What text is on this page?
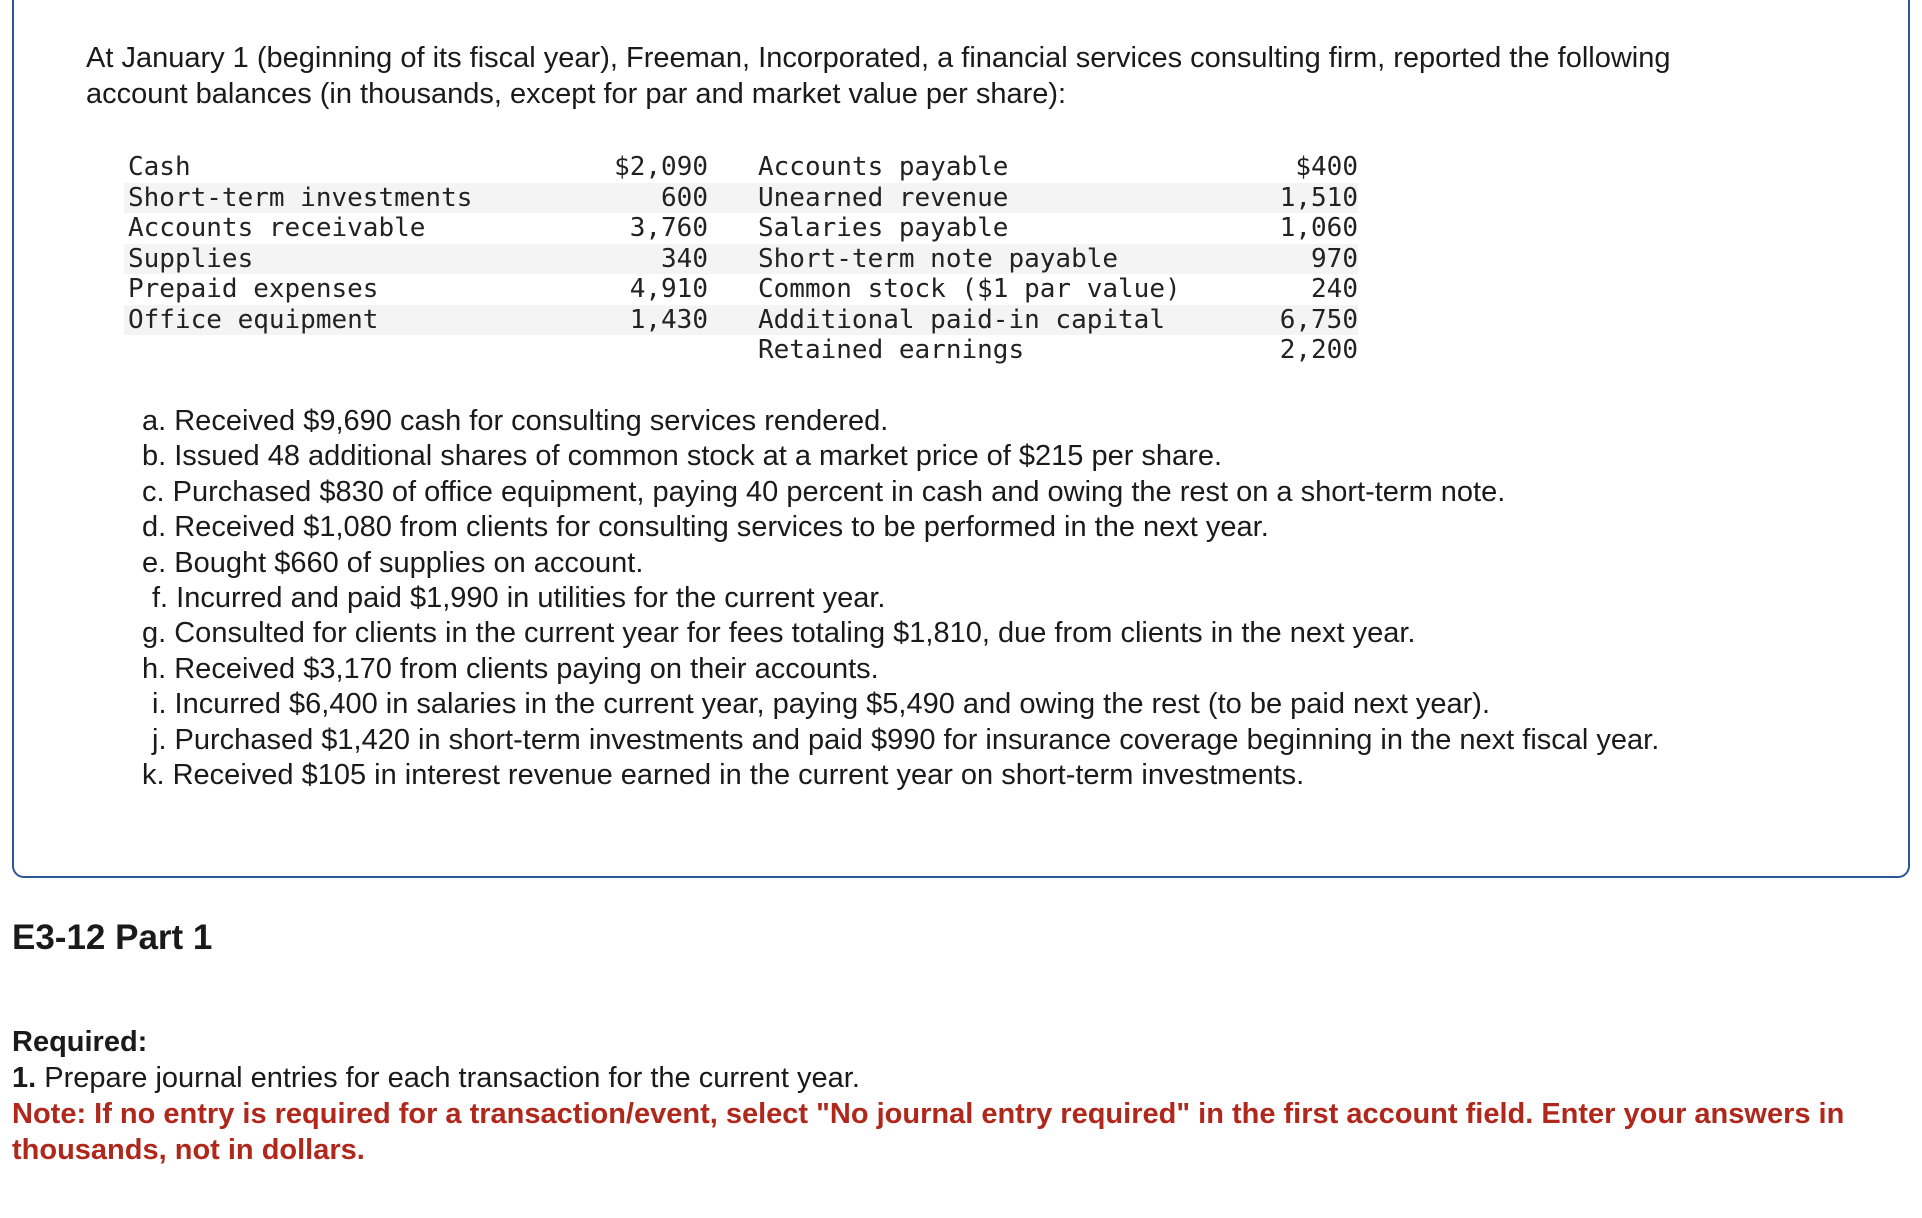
At January 1 (beginning of its fiscal year), Freeman, Incorporated, a financial services consulting firm, reported the following account balances (in thousands, except for par and market value per share):

Cash	$2,090		Accounts payable	$400	
Short-term investments	600		Unearned revenue	1,510	
Accounts receivable	3,760		Salaries payable	1,060	
Supplies	340		Short-term note payable	970	
Prepaid expenses	4,910		Common stock ($1 par value)	240	
Office equipment	1,430		Additional paid-in capital	6,750	
			Retained earnings	2,200	
a. Received $9,690 cash for consulting services rendered.
b. Issued 48 additional shares of common stock at a market price of $215 per share.
c. Purchased $830 of office equipment, paying 40 percent in cash and owing the rest on a short-term note.
d. Received $1,080 from clients for consulting services to be performed in the next year.
e. Bought $660 of supplies on account.
f. Incurred and paid $1,990 in utilities for the current year.
g. Consulted for clients in the current year for fees totaling $1,810, due from clients in the next year.
h. Received $3,170 from clients paying on their accounts.
i. Incurred $6,400 in salaries in the current year, paying $5,490 and owing the rest (to be paid next year).
j. Purchased $1,420 in short-term investments and paid $990 for insurance coverage beginning in the next fiscal year.
k. Received $105 in interest revenue earned in the current year on short-term investments.
E3-12 Part 1

Required:

1. Prepare journal entries for each transaction for the current year.

Note: If no entry is required for a transaction/event, select "No journal entry required" in the first account field. Enter your answers in thousands, not in dollars.
